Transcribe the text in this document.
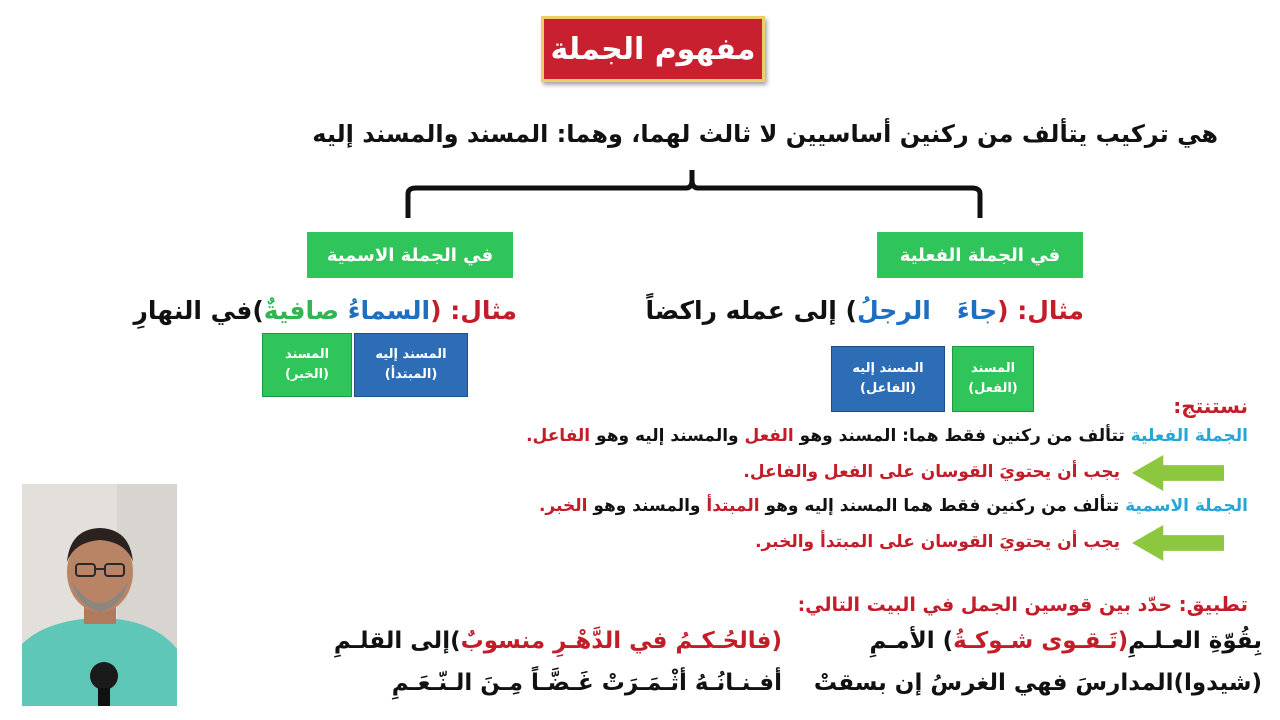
مفهوم الجملة
هي تركيب يتألف من ركنين أساسيين لا ثالث لهما، وهما: المسند والمسند إليه
في الجملة الاسمية	في الجملة الفعلية
مثال: (جاءَ   الرجلُ) إلى عمله راكضاً
مثال: (السماءُ صافيةٌ)في النهارِ
المسند إليه
(المبتدأ)
المسند
(الخبر)	المسند
(الفعل)
المسند إليه
(الفاعل)
نستنتج:
الجملة الفعلية تتألف من ركنين فقط هما: المسند وهو الفعل والمسند إليه وهو الفاعل.
يجب أن يحتويَ القوسان على الفعل والفاعل.
الجملة الاسمية تتألف من ركنين فقط هما المسند إليه وهو المبتدأ والمسند وهو الخبر.
يجب أن يحتويَ القوسان على المبتدأ والخبر.
تطبيق: حدّد بين قوسين الجمل في البيت التالي:
بِقُوّةِ العـلـمِ(تَـقـوى شـوكـةُ) الأمـمِ
(فالحُـكـمُ في الدَّهْـرِ منسوبٌ)إلى القلـمِ
(شيدوا)المدارسَ فهي الغرسُ إن بسقتْ
أفـنـانُـهُ أثْـمَـرَتْ غَـضَّـاً مِـنَ الـنّـعَـمِ
